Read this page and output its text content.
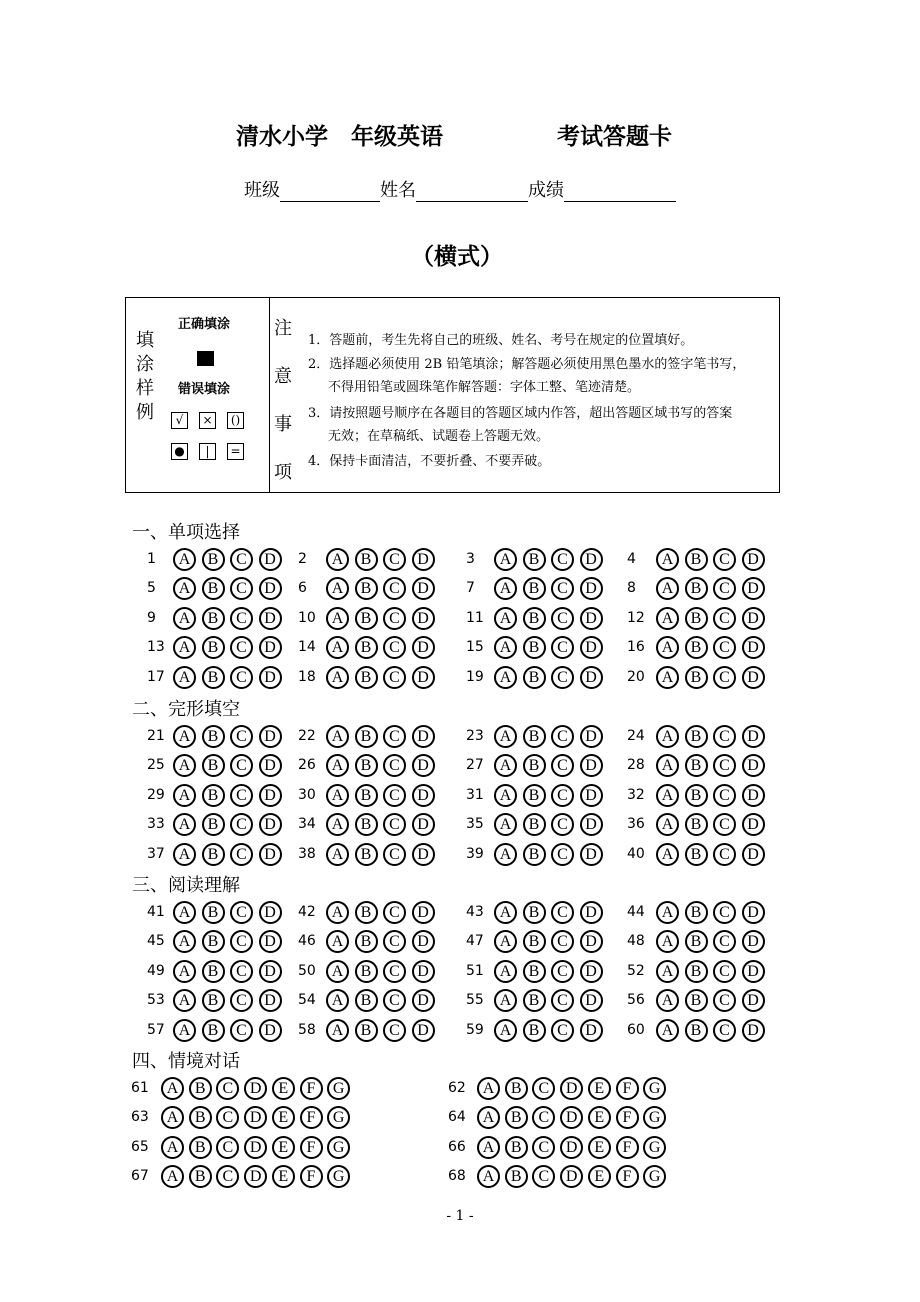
清水小学　年级英语	考试答题卡
班级	姓名	成绩
（横式）
填
涂
样
例
正确填涂
错误填涂
√	×	()
●	|	=
注
意
事
项
1．答题前，考生先将自己的班级、姓名、考号在规定的位置填好。
2．选择题必须使用 2B 铅笔填涂；解答题必须使用黑色墨水的签字笔书写，
不得用铅笔或圆珠笔作解答题：字体工整、笔迹清楚。
3．请按照题号顺序在各题目的答题区域内作答，超出答题区域书写的答案
无效；在草稿纸、试题卷上答题无效。
4．保持卡面清洁，不要折叠、不要弄破。
1	A	B	C	D	2	A	B	C	D	3	A	B	C	D	4	A	B	C	D
5	A	B	C	D	6	A	B	C	D	7	A	B	C	D	8	A	B	C	D
9	A	B	C	D	10 A	B	C	D	11 A	B	C	D	12	A	B	C	D
13 A	B	C	D	14 A	B	C	D	15 A	B	C	D	16	A	B	C	D
17 A	B	C	D	18 A	B	C	D	19 A	B	C	D	20	A	B	C	D
21 A	B	C	D	22 A	B	C	D	23 A	B	C	D	24	A	B	C	D
25 A	B	C	D	26 A	B	C	D	27 A	B	C	D	28	A	B	C	D
29 A	B	C	D	30 A	B	C	D	31 A	B	C	D	32	A	B	C	D
33 A	B	C	D	34 A	B	C	D	35 A	B	C	D	36	A	B	C	D
37 A	B	C	D	38 A	B	C	D	39 A	B	C	D	40	A	B	C	D
41 A	B	C	D	42 A	B	C	D	43 A	B	C	D	44	A	B	C	D
45 A	B	C	D	46 A	B	C	D	47 A	B	C	D	48	A	B	C	D
49 A	B	C	D	50 A	B	C	D	51 A	B	C	D	52	A	B	C	D
53 A	B	C	D	54 A	B	C	D	55 A	B	C	D	56	A	B	C	D
57 A	B	C	D	58 A	B	C	D	59 A	B	C	D	60	A	B	C	D
61	A	B	C	D	E	F	G	62	A	B	C	D	E	F	G
63	A	B	C	D	E	F	G	64	A	B	C	D	E	F	G
65	A	B	C	D	E	F	G	66	A	B	C	D	E	F	G
67	A	B	C	D	E	F	G	68	A	B	C	D	E	F	G
- 1 -
一、单项选择
二、完形填空
三、阅读理解
四、情境对话
